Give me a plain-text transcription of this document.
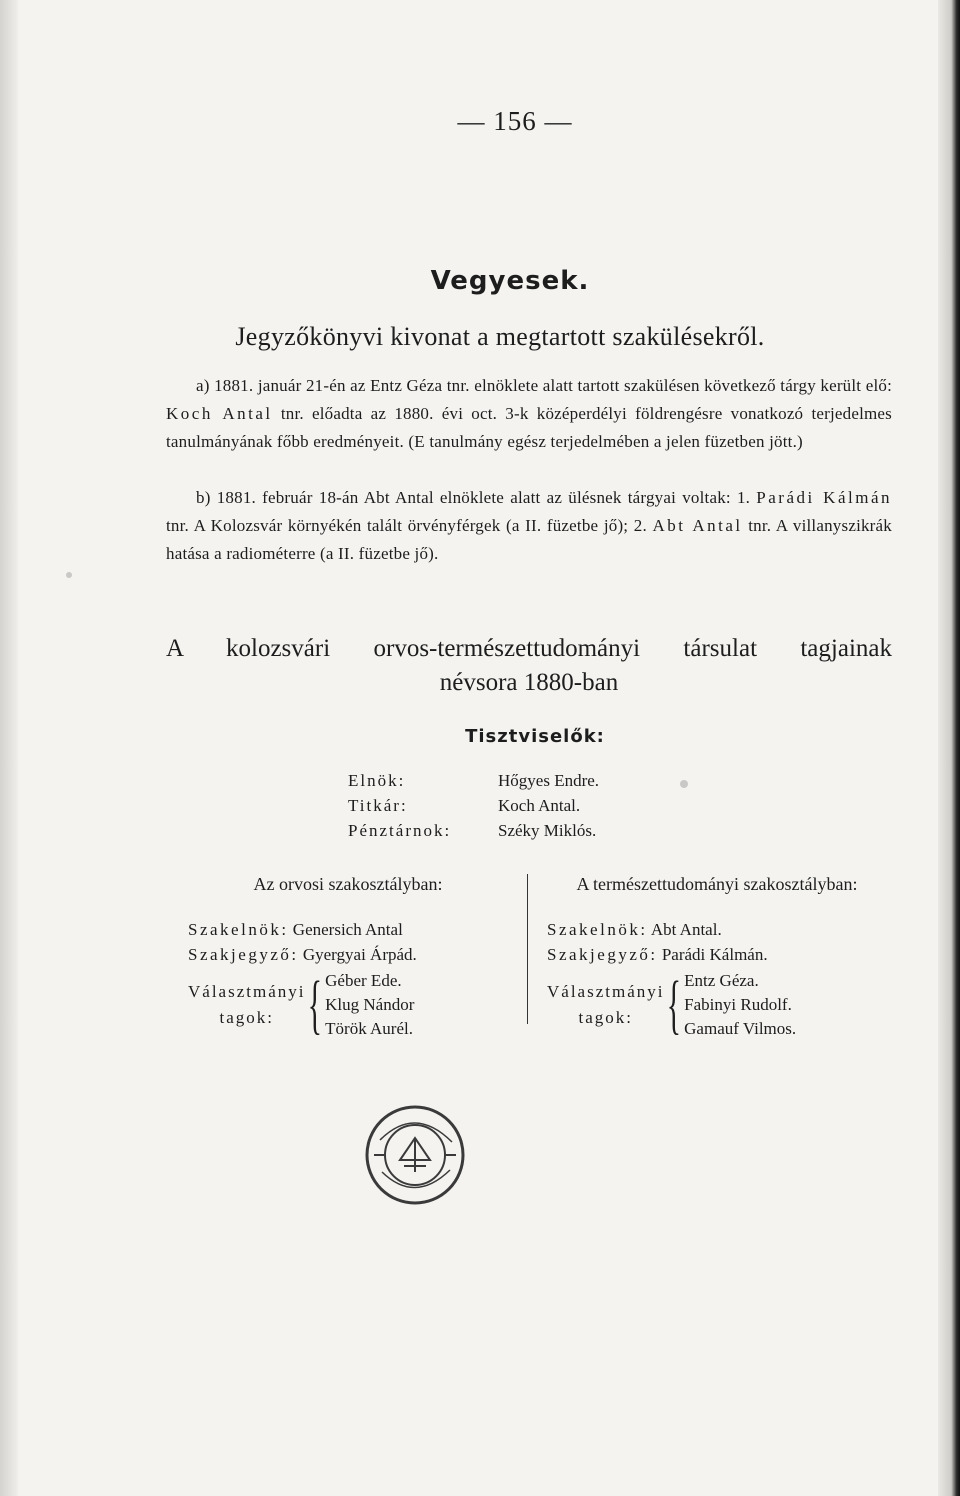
— 156 —
Vegyesek.
Jegyzőkönyvi kivonat a megtartott szakülésekről.

a) 1881. január 21-én az Entz Géza tnr. elnöklete alatt tartott szakülésen következő tárgy került elő: Koch Antal tnr. előadta az 1880. évi oct. 3-k középerdélyi földrengésre vonatkozó terjedelmes tanulmányának főbb eredményeit. (E tanulmány egész terjedelmében a jelen füzetben jött.)

b) 1881. február 18-án Abt Antal elnöklete alatt az ülésnek tárgyai voltak: 1. Parádi Kálmán tnr. A Kolozsvár környékén talált örvényférgek (a II. füzetbe jő); 2. Abt Antal tnr. A villanyszikrák hatása a radiométerre (a II. füzetbe jő).

A kolozsvári orvos-természettudományi társulat tagjainak
névsora 1880-ban
Tisztviselők:
Elnök:	Hőgyes Endre.
Titkár:	Koch Antal.
Pénztárnok:	Széky Miklós.
Az orvosi szakosztályban:
Szakelnök: Genersich Antal
Szakjegyző: Gyergyai Árpád.
Választmányi
tagok: { Géber Ede.
Klug Nándor
Török Aurél.
A természettudományi szakosztályban:
Szakelnök: Abt Antal.
Szakjegyző: Parádi Kálmán.
Választmányi
tagok: { Entz Géza.
Fabinyi Rudolf.
Gamauf Vilmos.
